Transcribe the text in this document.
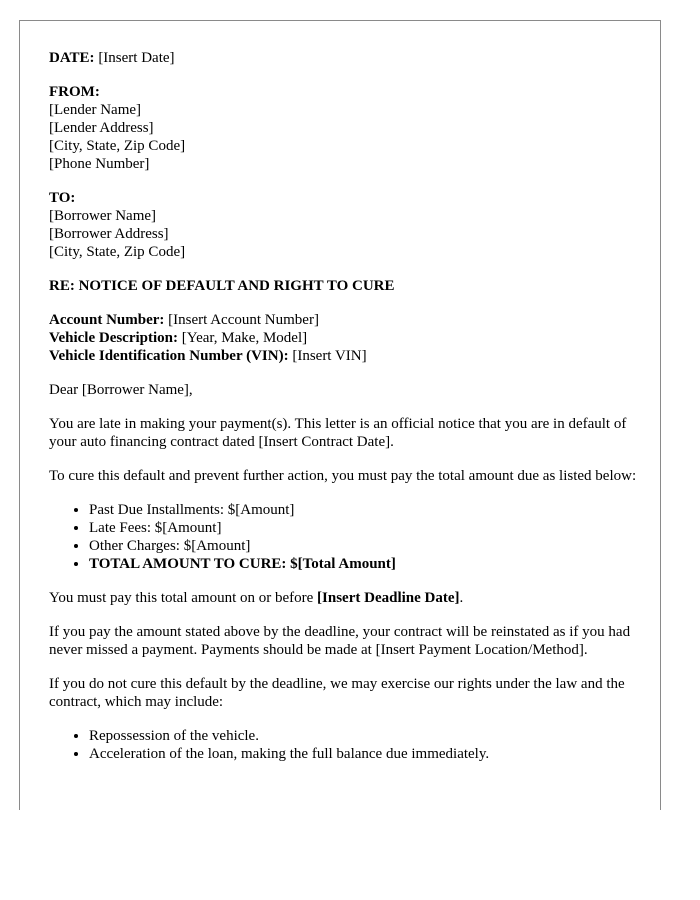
DATE: [Insert Date]
FROM:
[Lender Name]
[Lender Address]
[City, State, Zip Code]
[Phone Number]
TO:
[Borrower Name]
[Borrower Address]
[City, State, Zip Code]
RE: NOTICE OF DEFAULT AND RIGHT TO CURE
Account Number: [Insert Account Number]
Vehicle Description: [Year, Make, Model]
Vehicle Identification Number (VIN): [Insert VIN]

Dear [Borrower Name],

You are late in making your payment(s). This letter is an official notice that you are in default of your auto financing contract dated [Insert Contract Date].

To cure this default and prevent further action, you must pay the total amount due as listed below:

• Past Due Installments: $[Amount]
• Late Fees: $[Amount]
• Other Charges: $[Amount]
• TOTAL AMOUNT TO CURE: $[Total Amount]

You must pay this total amount on or before [Insert Deadline Date].

If you pay the amount stated above by the deadline, your contract will be reinstated as if you had never missed a payment. Payments should be made at [Insert Payment Location/Method].

If you do not cure this default by the deadline, we may exercise our rights under the law and the contract, which may include:

• Repossession of the vehicle.
• Acceleration of the loan, making the full balance due immediately.
